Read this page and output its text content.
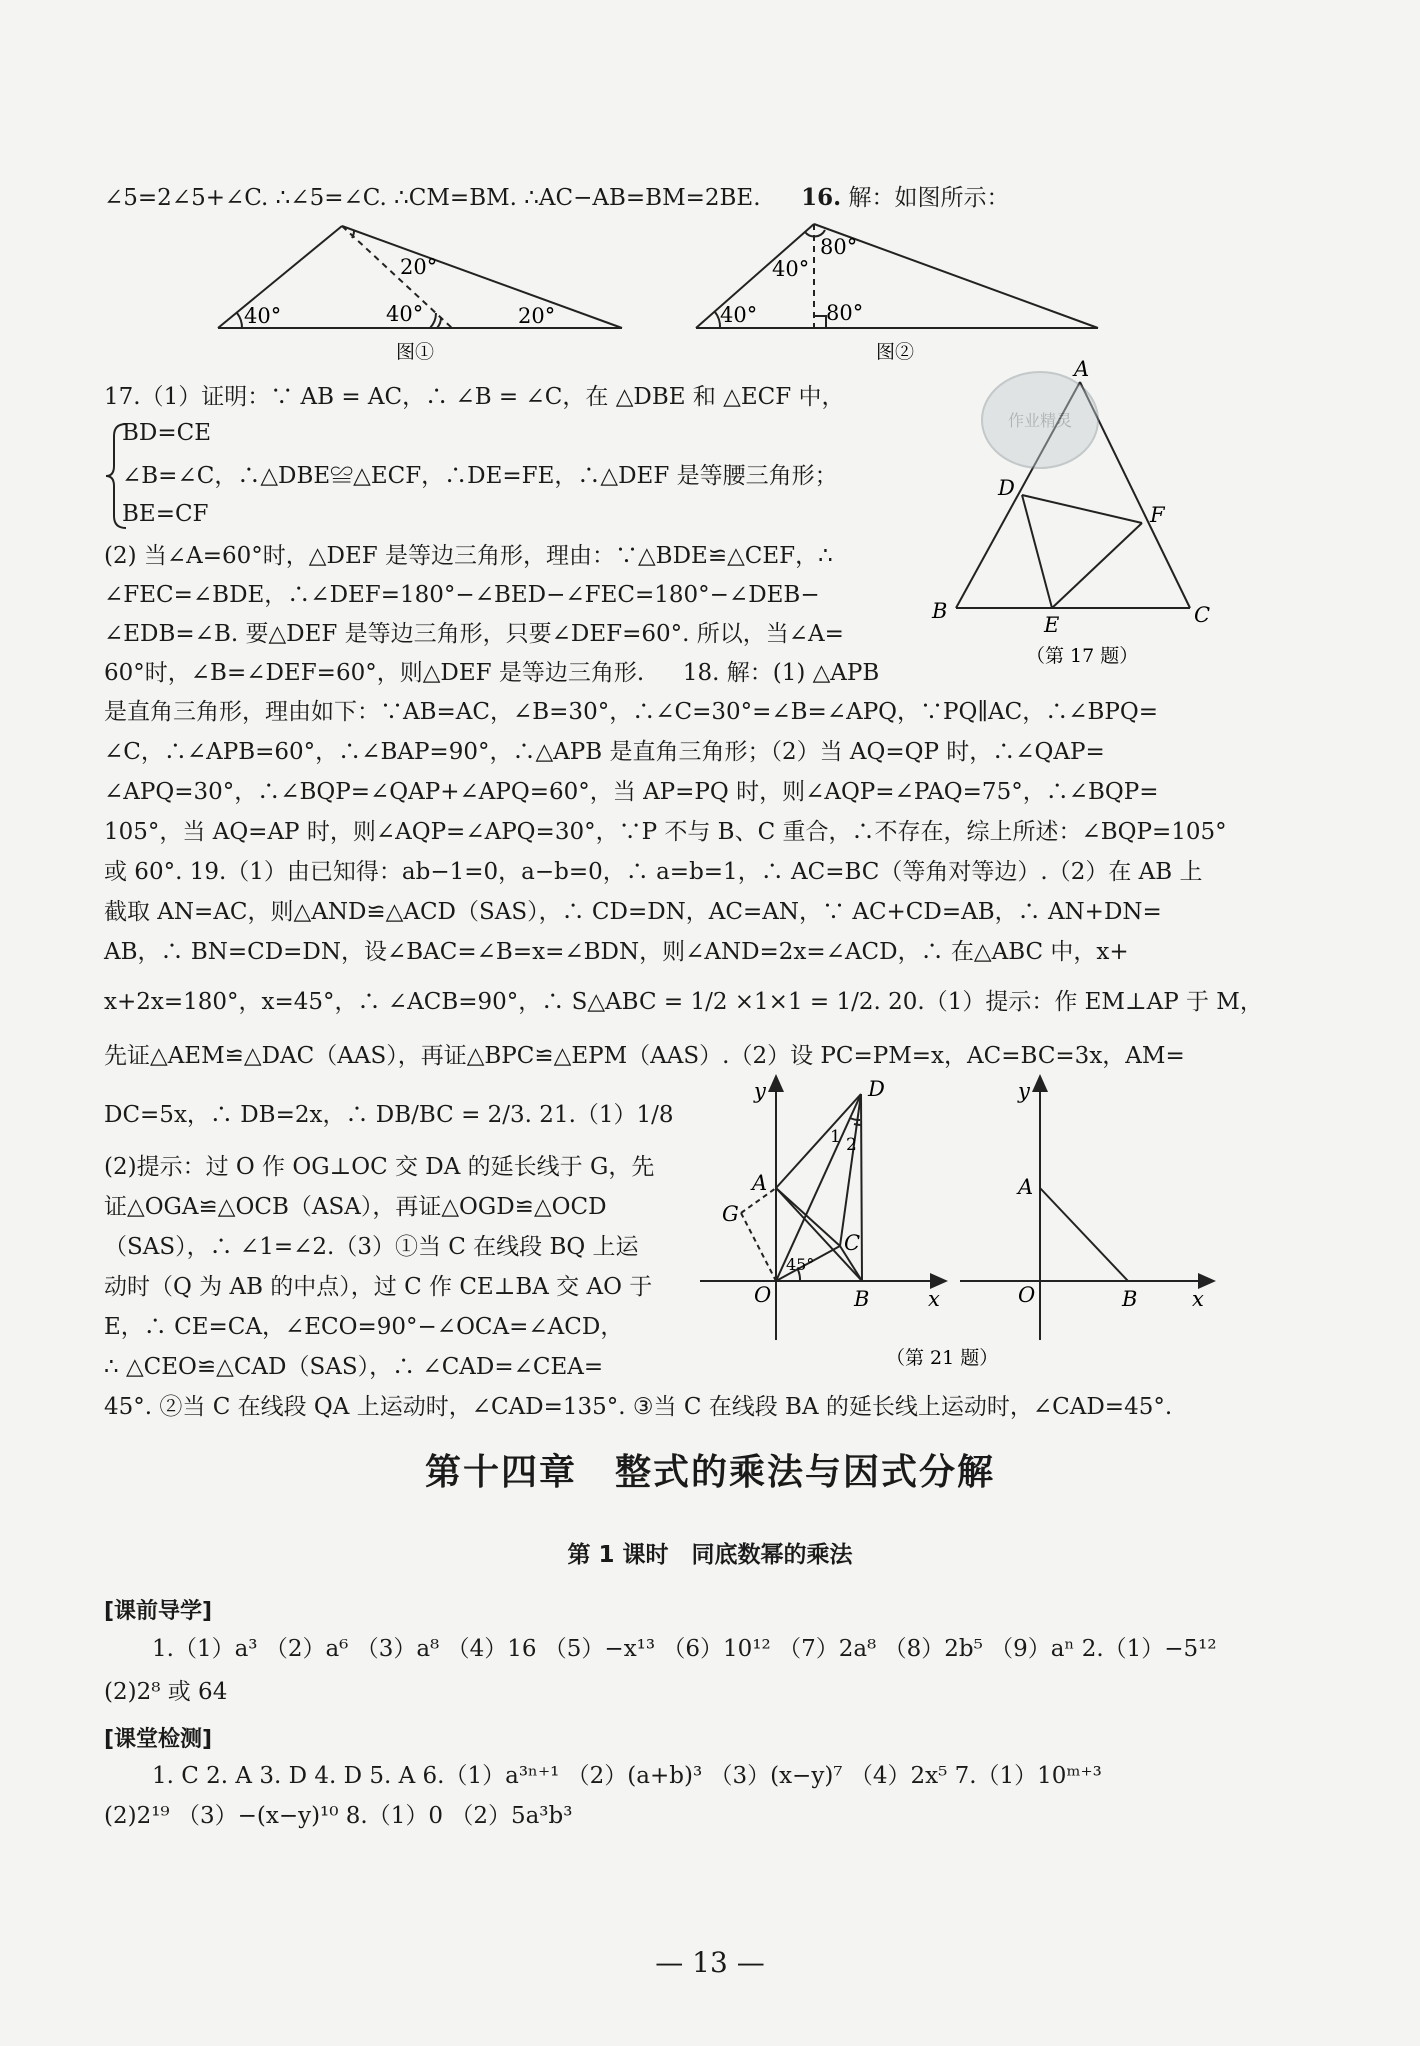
∠5=2∠5+∠C. ∴∠5=∠C. ∴CM=BM. ∴AC−AB=BM=2BE. 16. 解：如图所示：
40°	40°
20°
20°
图①
40°
40°
80°
80°
图②
17.（1）证明：∵ AB = AC，∴ ∠B = ∠C，在 △DBE 和 △ECF 中，
BD=CE
∠B=∠C，∴△DBE≌△ECF，∴DE=FE，∴△DEF 是等腰三角形；
BE=CF
(2) 当∠A=60°时，△DEF 是等边三角形，理由：∵△BDE≌△CEF，∴
∠FEC=∠BDE，∴∠DEF=180°−∠BED−∠FEC=180°−∠DEB−
∠EDB=∠B. 要△DEF 是等边三角形，只要∠DEF=60°. 所以，当∠A=
60°时，∠B=∠DEF=60°，则△DEF 是等边三角形. 18. 解：(1) △APB
作业精灵
A
B	C
D
E
F
（第 17 题）
是直角三角形，理由如下：∵AB=AC，∠B=30°，∴∠C=30°=∠B=∠APQ，∵PQ∥AC，∴∠BPQ=
∠C，∴∠APB=60°，∴∠BAP=90°，∴△APB 是直角三角形；（2）当 AQ=QP 时，∴∠QAP=
∠APQ=30°，∴∠BQP=∠QAP+∠APQ=60°，当 AP=PQ 时，则∠AQP=∠PAQ=75°，∴∠BQP=
105°，当 AQ=AP 时，则∠AQP=∠APQ=30°，∵P 不与 B、C 重合，∴不存在，综上所述：∠BQP=105°
或 60°. 19.（1）由已知得：ab−1=0，a−b=0，∴ a=b=1，∴ AC=BC（等角对等边）.（2）在 AB 上
截取 AN=AC，则△AND≌△ACD（SAS），∴ CD=DN，AC=AN，∵ AC+CD=AB，∴ AN+DN=
AB，∴ BN=CD=DN，设∠BAC=∠B=x=∠BDN，则∠AND=2x=∠ACD，∴ 在△ABC 中，x+
x+2x=180°，x=45°，∴ ∠ACB=90°，∴ S△ABC = 1/2 ×1×1 = 1/2. 20.（1）提示：作 EM⊥AP 于 M，
先证△AEM≌△DAC（AAS），再证△BPC≌△EPM（AAS）.（2）设 PC=PM=x，AC=BC=3x，AM=
DC=5x，∴ DB=2x，∴ DB/BC = 2/3. 21.（1）1/8
(2)提示：过 O 作 OG⊥OC 交 DA 的延长线于 G，先
证△OGA≌△OCB（ASA），再证△OGD≌△OCD
（SAS），∴ ∠1=∠2.（3）①当 C 在线段 BQ 上运
动时（Q 为 AB 的中点），过 C 作 CE⊥BA 交 AO 于
E，∴ CE=CA，∠ECO=90°−∠OCA=∠ACD，
∴ △CEO≌△CAD（SAS），∴ ∠CAD=∠CEA=
y
x
O
A
B
C
D
G
1 2
45°
y
x
O
A
B
（第 21 题）
45°. ②当 C 在线段 QA 上运动时，∠CAD=135°. ③当 C 在线段 BA 的延长线上运动时，∠CAD=45°.
第十四章　整式的乘法与因式分解
第 1 课时　同底数幂的乘法
[课前导学]
1.（1）a³ （2）a⁶ （3）a⁸ （4）16 （5）−x¹³ （6）10¹² （7）2a⁸ （8）2b⁵ （9）aⁿ 2.（1）−5¹²
(2)2⁸ 或 64
[课堂检测]
1. C 2. A 3. D 4. D 5. A 6.（1）a³ⁿ⁺¹ （2）(a+b)³ （3）(x−y)⁷ （4）2x⁵ 7.（1）10ᵐ⁺³
(2)2¹⁹ （3）−(x−y)¹⁰ 8.（1）0 （2）5a³b³
— 13 —
